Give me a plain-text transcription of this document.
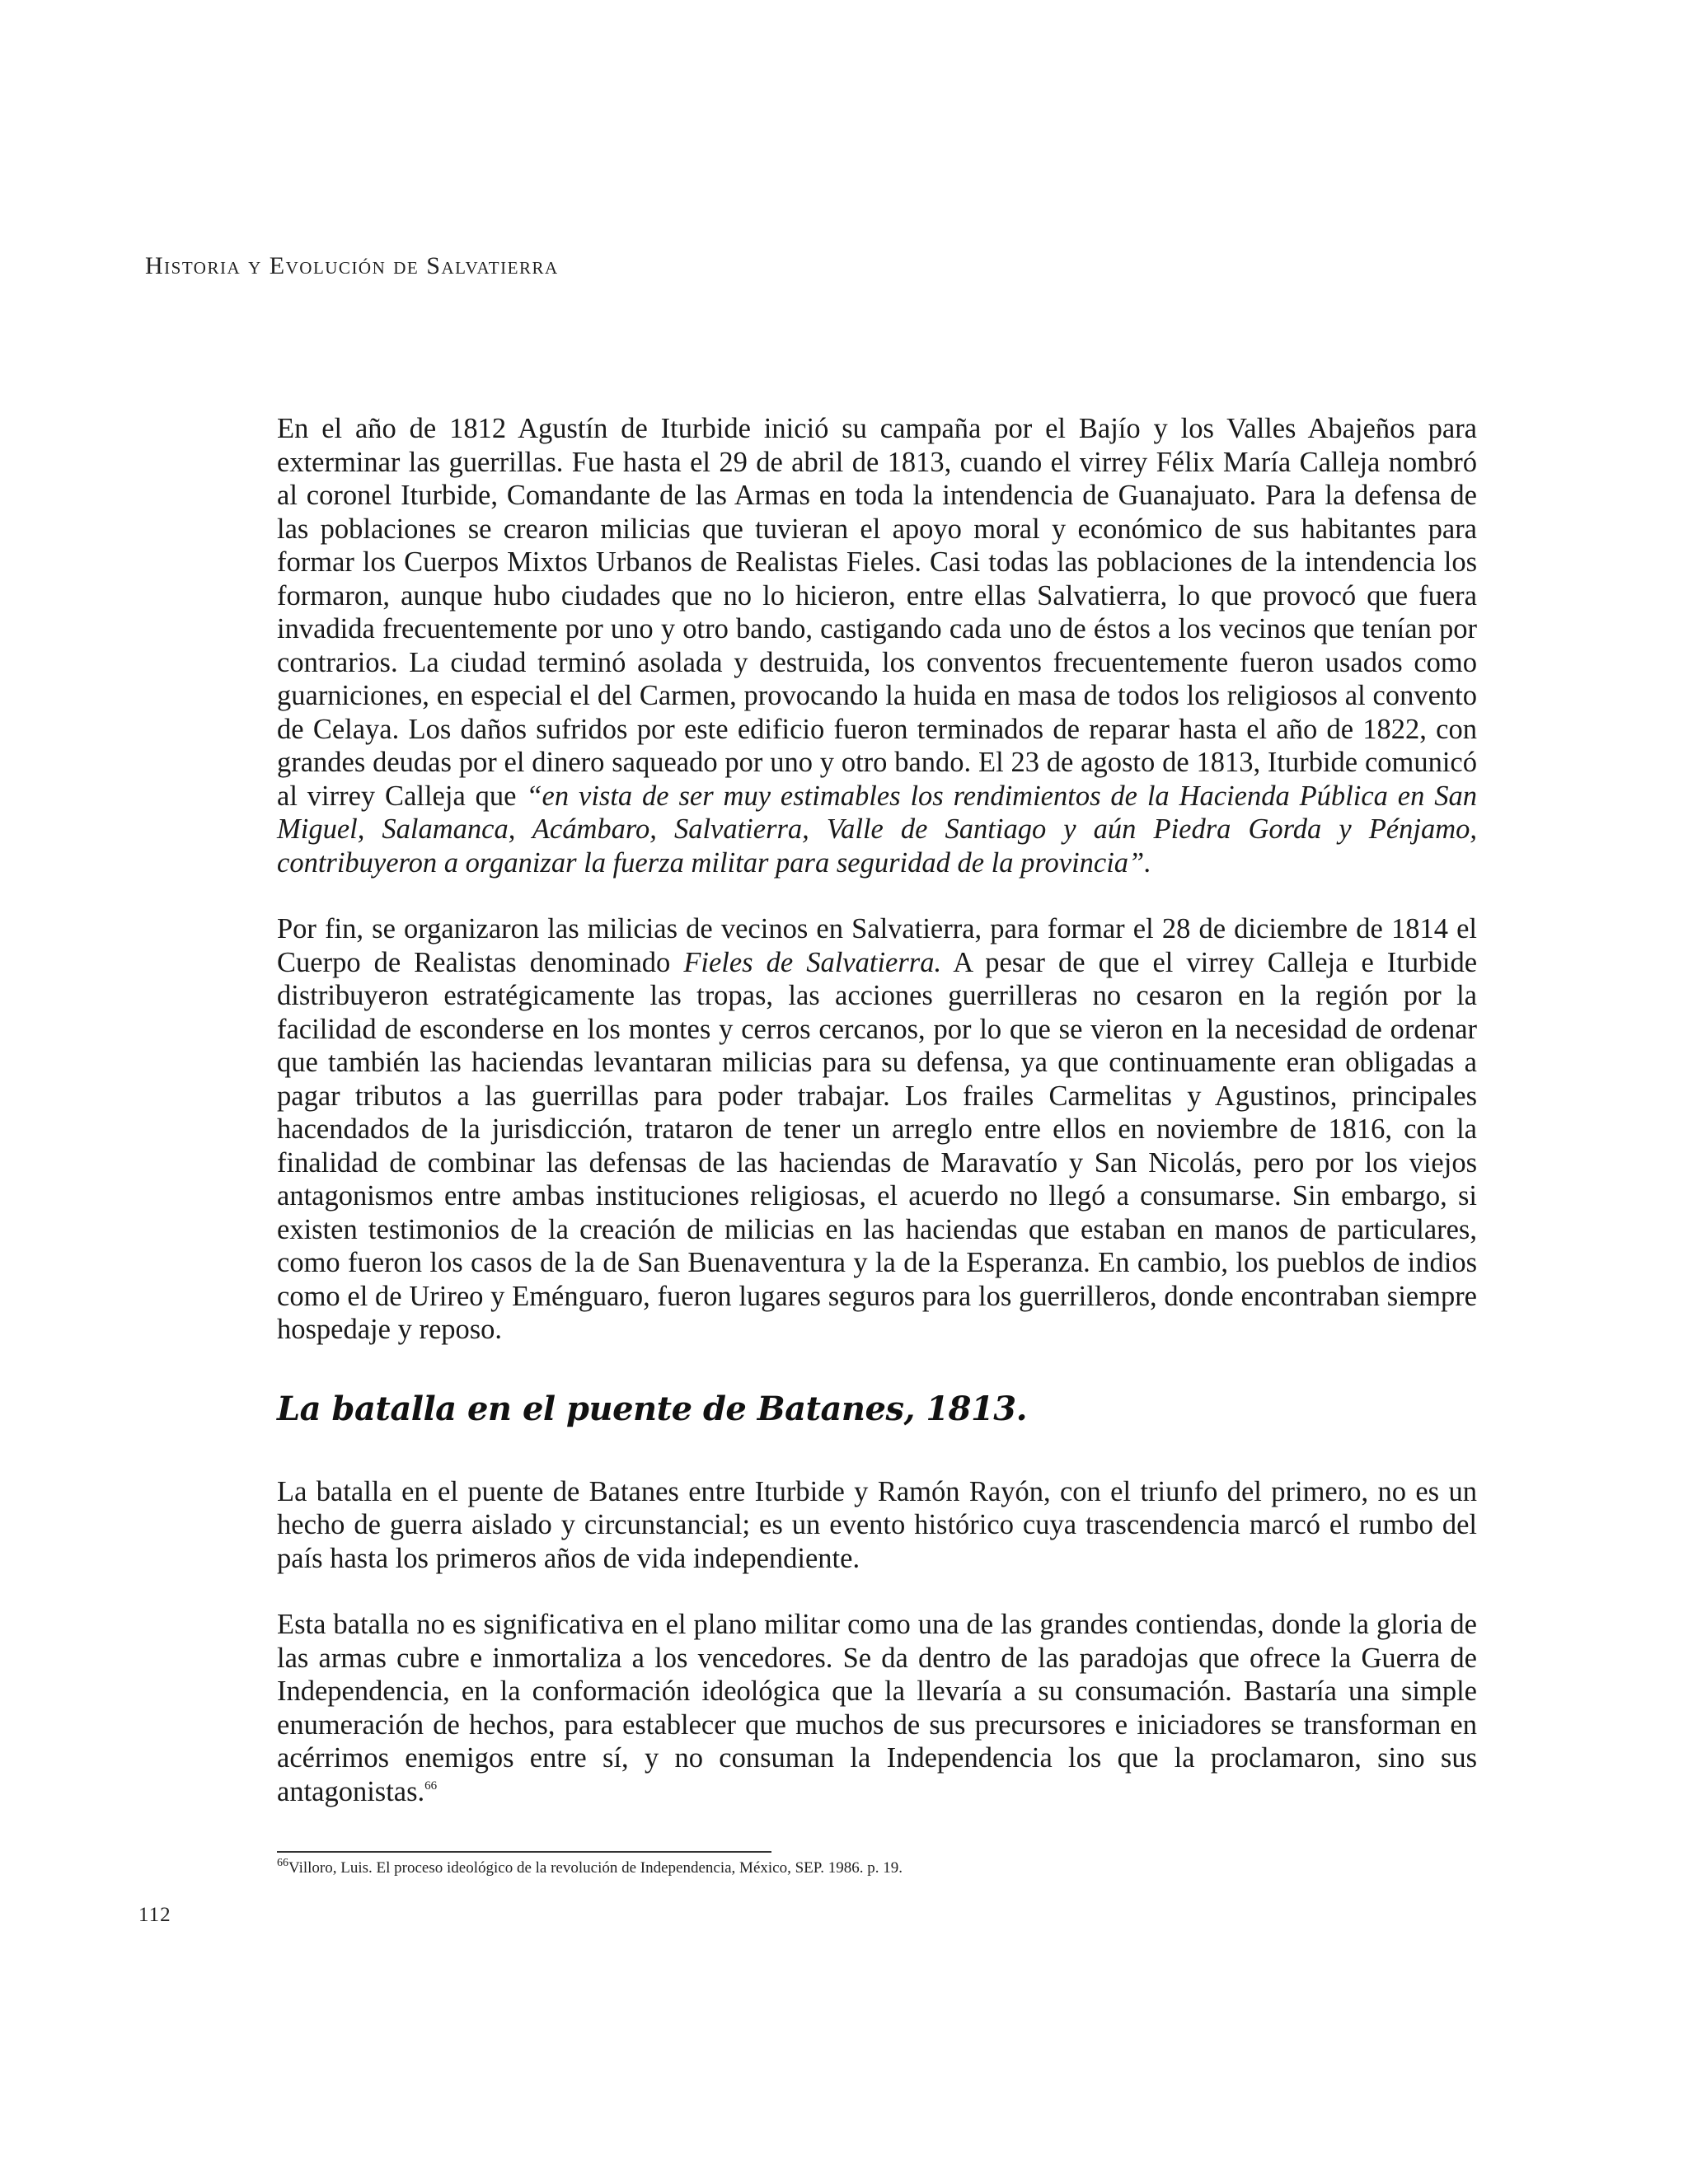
Historia y Evolución de Salvatierra

En el año de 1812 Agustín de Iturbide inició su campaña por el Bajío y los Valles Abajeños para exterminar las guerrillas. Fue hasta el 29 de abril de 1813, cuando el virrey Félix María Calleja nombró al coronel Iturbide, Comandante de las Armas en toda la intendencia de Guanajuato. Para la defensa de las poblaciones se crearon milicias que tuvieran el apoyo moral y económico de sus habitantes para formar los Cuerpos Mixtos Urbanos de Realistas Fieles. Casi todas las poblaciones de la intendencia los formaron, aunque hubo ciudades que no lo hicieron, entre ellas Salvatierra, lo que provocó que fuera invadida frecuentemente por uno y otro bando, castigando cada uno de éstos a los vecinos que tenían por contrarios. La ciudad terminó asolada y destruida, los conventos frecuentemente fueron usados como guarniciones, en especial el del Carmen, provocando la huida en masa de todos los religiosos al convento de Celaya. Los daños sufridos por este edificio fueron terminados de reparar hasta el año de 1822, con grandes deudas por el dinero saqueado por uno y otro bando. El 23 de agosto de 1813, Iturbide comunicó al virrey Calleja que “en vista de ser muy estimables los rendimientos de la Hacienda Pública en San Miguel, Salamanca, Acámbaro, Salvatierra, Valle de Santiago y aún Piedra Gorda y Pénjamo, contribuyeron a organizar la fuerza militar para seguridad de la provincia”.

Por fin, se organizaron las milicias de vecinos en Salvatierra, para formar el 28 de diciembre de 1814 el Cuerpo de Realistas denominado Fieles de Salvatierra. A pesar de que el virrey Calleja e Iturbide distribuyeron estratégicamente las tropas, las acciones guerrilleras no cesaron en la región por la facilidad de esconderse en los montes y cerros cercanos, por lo que se vieron en la necesidad de ordenar que también las haciendas levantaran milicias para su defensa, ya que continuamente eran obligadas a pagar tributos a las guerrillas para poder trabajar. Los frailes Carmelitas y Agustinos, principales hacendados de la jurisdicción, trataron de tener un arreglo entre ellos en noviembre de 1816, con la finalidad de combinar las defensas de las haciendas de Maravatío y San Nicolás, pero por los viejos antagonismos entre ambas instituciones religiosas, el acuerdo no llegó a consumarse. Sin embargo, si existen testimonios de la creación de milicias en las haciendas que estaban en manos de particulares, como fueron los casos de la de San Buenaventura y la de la Esperanza. En cambio, los pueblos de indios como el de Urireo y Eménguaro, fueron lugares seguros para los guerrilleros, donde encontraban siempre hospedaje y reposo.

La batalla en el puente de Batanes, 1813.

La batalla en el puente de Batanes entre Iturbide y Ramón Rayón, con el triunfo del primero, no es un hecho de guerra aislado y circunstancial; es un evento histórico cuya trascendencia marcó el rumbo del país hasta los primeros años de vida independiente.

Esta batalla no es significativa en el plano militar como una de las grandes contiendas, donde la gloria de las armas cubre e inmortaliza a los vencedores. Se da dentro de las paradojas que ofrece la Guerra de Independencia, en la conformación ideológica que la llevaría a su consumación. Bastaría una simple enumeración de hechos, para establecer que muchos de sus precursores e iniciadores se transforman en acérrimos enemigos entre sí, y no consuman la Independencia los que la proclamaron, sino sus antagonistas.$^{66}$

$^{66}$Villoro, Luis. El proceso ideológico de la revolución de Independencia, México, SEP. 1986. p. 19.
112
